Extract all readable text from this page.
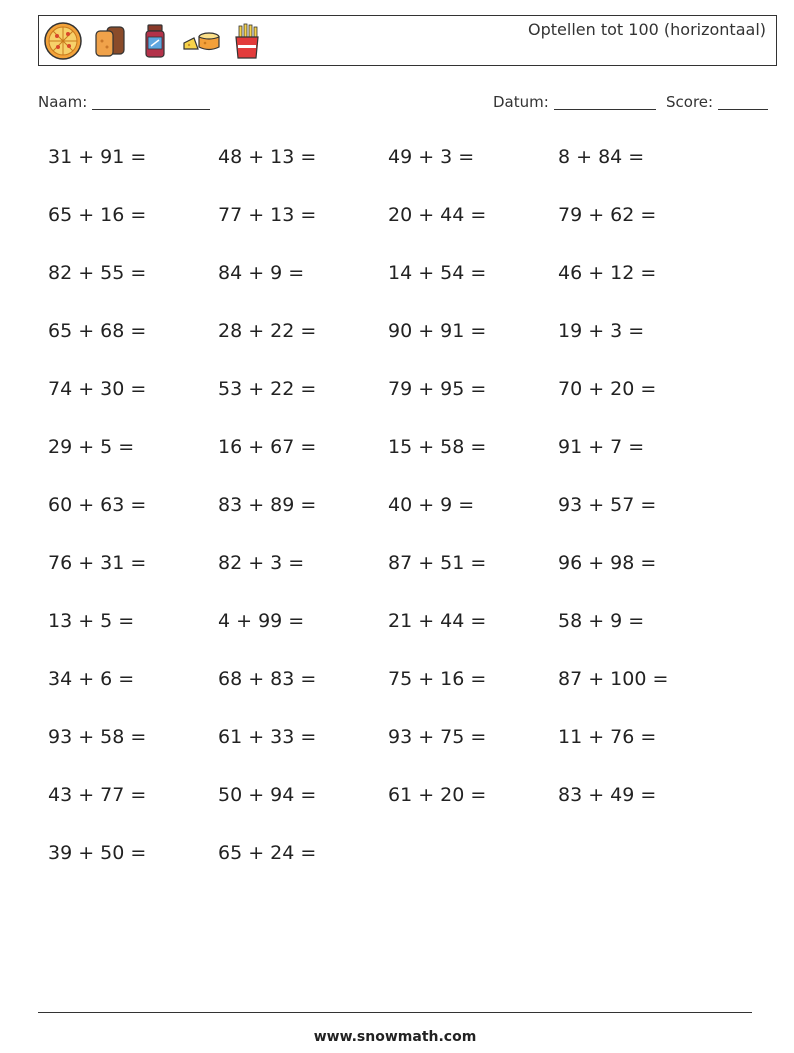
Optellen tot 100 (horizontaal)
Naam:	Datum:	Score:
31 + 91 =	48 + 13 =	49 + 3 =	8 + 84 =
65 + 16 =	77 + 13 =	20 + 44 =	79 + 62 =
82 + 55 =	84 + 9 =	14 + 54 =	46 + 12 =
65 + 68 =	28 + 22 =	90 + 91 =	19 + 3 =
74 + 30 =	53 + 22 =	79 + 95 =	70 + 20 =
29 + 5 =	16 + 67 =	15 + 58 =	91 + 7 =
60 + 63 =	83 + 89 =	40 + 9 =	93 + 57 =
76 + 31 =	82 + 3 =	87 + 51 =	96 + 98 =
13 + 5 =	4 + 99 =	21 + 44 =	58 + 9 =
34 + 6 =	68 + 83 =	75 + 16 =	87 + 100 =
93 + 58 =	61 + 33 =	93 + 75 =	11 + 76 =
43 + 77 =	50 + 94 =	61 + 20 =	83 + 49 =
39 + 50 =	65 + 24 =
www.snowmath.com
